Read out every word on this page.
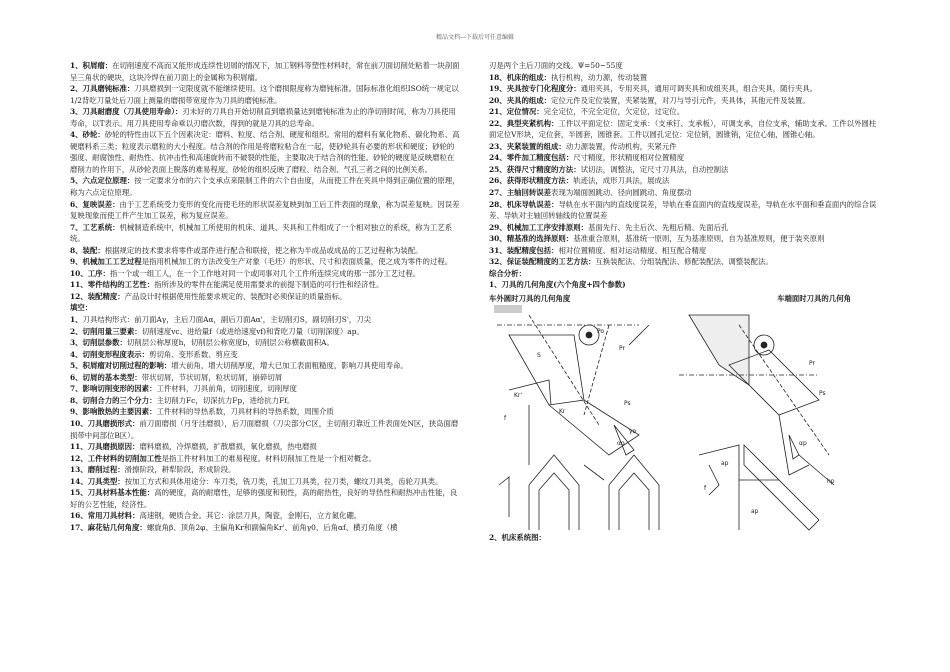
精品文档---下载后可任意编辑

1、积屑瘤：在切削速度不高而又能形成连续性切屑的情况下，加工钢料等塑性材料时，常在前刀面切削处粘着一块剖面呈三角状的硬块，这块冷焊在前刀面上的金属称为积屑瘤。

2、刀具磨钝标准：刀具磨损到一定限度就不能继续使用。这个磨损限度称为磨钝标准。国际标准化组织ISO统一规定以1/2背吃刀量处后刀面上测量的磨损带宽度作为刀具的磨钝标准。

3、刀具耐磨度（刀具使用寿命）：刃未好的刀具自开始切削直到磨损量达到磨钝标准为止的净切削时间，称为刀具使用寿命，以T表示。用刀具使用寿命乘以刃磨次数，得到的就是刀具的总寿命。

4、砂轮：砂轮的特性由以下五个因素决定：磨料、粒度、结合剂、硬度和组织。常用的磨料有氧化物系、碳化物系、高硬磨料系三类；粒度表示磨粒的大小程度。结合剂的作用是将磨粒粘合在一起，使砂轮具有必要的形状和硬度；砂轮的强度、耐腐蚀性、耐热性、抗冲击性和高速旋转而不破裂的性能，主要取决于结合剂的性能。砂轮的硬度是反映磨粒在磨削力的作用下，从砂轮表面上脱落的难易程度。砂轮的组织反映了磨粒、结合剂、气孔三者之间的比例关系。

5、六点定位原理：按一定要求分布的六个支承点来限制工件的六个自由度，从而使工件在夹具中得到正确位置的原理，称为六点定位原理。

6、复映误差：由于工艺系统受力变形的变化而使毛坯的形状误差复映到加工后工件表面的现象，称为误差复映。因误差复映现象而使工件产生加工误差，称为复应误差。

7、工艺系统：机械制造系统中，机械加工所使用的机床、道具、夹具和工件组成了一个相对独立的系统，称为工艺系统。

8、装配：根据规定的技术要求将零件或部件进行配合和联接，使之称为半成品或成品的工艺过程称为装配。

9、机械加工工艺过程是指用机械加工的方法改变生产对象（毛坯）的形状、尺寸和表面质量，使之成为零件的过程。

10、工序：指一个或一组工人，在一个工作地对同一个或同事对几个工件所连续完成的那一部分工艺过程。

11、零件结构的工艺性：指所涉及的零件在能满足使用需要求的前提下制造的可行性和经济性。

12、装配精度：产品设计时根据使用性能要求规定的、装配时必须保证的质量指标。

填空：

1、刀具结构形式：前刀面Aγ，主后刀面Aα，副后刀面Aα'，主切削刃S，副切削刃S'，刀尖

2、切削用量三要素：切削速度vc、进给量f（或进给速度vf)和背吃刀量（切削深度）ap。

3、切削层参数：切削层公称厚度h，切削层公称宽度b，切削层公称横截面积A。

4、切削变形程度表示：剪切角、变形系数、剪应变

5、积屑瘤对切削过程的影响：增大前角，增大切削厚度，增大已加工表面粗糙度，影响刀具使用寿命。

6、切屑的基本类型：带状切屑，节状切屑，粒状切屑，崩碎切屑

7、影响切削变形的因素：工件材料，刀具前角，切削速度，切削厚度

8、切削合力的三个分力：主切削力Fc，切深抗力Fp，进给抗力Ff。

9、影响散热的主要因素：工件材料的导热系数，刀具材料的导热系数，周围介质

10、刀具磨损形式：前刀面磨损（月牙洼磨损），后刀面磨损（刀尖部分C区，主切削刃靠近工件表面处N区，狭岛面磨损带中间部位B区）。

11、刀具磨损原因：磨料磨损，冷焊磨损，扩散磨损，氧化磨损，热电磨损

12、工件材料的切削加工性是指工件材料加工的难易程度。材料切削加工性是一个相对概念。

13、磨削过程：滑擦阶段，耕犁阶段，形成阶段。

14、刀具类型：按加工方式和具体用途分：车刀类，铣刀类，孔加工刀具类，拉刀类，螺纹刀具类，齿轮刀具类。

15、刀具材料基本性能：高的硬度，高的耐磨性，足够的强度和韧性，高的耐热性，良好的导热性和耐热冲击性能，良好的公艺性能，经济性。

16、常用刀具材料：高速钢，硬质合金。其它：涂层刀具，陶瓷，金刚石，立方氮化硼。

17、麻花钻几何角度：螺旋角β、顶角2φ、主偏角Kr和副偏角Kr'、前角γ0、后角αf、横刃角度（横

刃是两个主后刀面的交线。Ψ=50~55度

18、机床的组成：执行机构，动力源，传动装置

19、夹具按专门化程度分：通用夹具，专用夹具，通用可调夹具和成组夹具，组合夹具，随行夹具。

20、夹具的组成：定位元件及定位装置，夹紧装置，对刀与导引元件，夹具体，其他元件及装置。

21、定位情况：完全定位，不完全定位，欠定位，过定位。

22、典型夹紧机构：工件以平面定位：固定支承：（支承钉、支承板），可调支承，自位支承，辅助支承。工件以外圆柱面定位V形块，定位套，半圆套，圆锥套。工件以圆孔定位：定位销，圆锥销，定位心轴，圆锥心轴。

23、夹紧装置的组成：动力源装置，传动机构，夹紧元件

24、零件加工精度包括：尺寸精度，形状精度相对位置精度

25、获得尺寸精度的方法：试切法，调整法，定尺寸刀具法，自动控制法

26、获得形状精度方法：轨迹法，成形刀具法，展成法

27、主轴回转误差表现为端面圆跳动、径向圆跳动、角度摆动

28、机床导轨误差：导轨在水平面内的直线度误差，导轨在垂直面内的直线度误差，导轨在水平面和垂直面内的综合误差、导轨对主轴回转轴线的位置误差

29、机械加工工序安排原则：基面先行、先主后次、先粗后精、先面后孔

30、精基准的选择原则：基准重合原则，基准统一原则，互为基准原则，自为基准原则，便于装夹原则

31、装配精度包括：相对位置精度、相对运动精度、相互配合精度

32、保证装配精度的工艺方法：互换装配法、分组装配法、修配装配法、调整装配法。

综合分析：

1、刀具的几何角度(六个角度+四个参数)

车外圆时刀具的几何角度	车端面时刀具的几何角
Pr
Po
Ps
Ps
Pr
S
f
αo
γo
Kr
Kr'
hp
ap
f
αp
ap
2、机床系统图：
